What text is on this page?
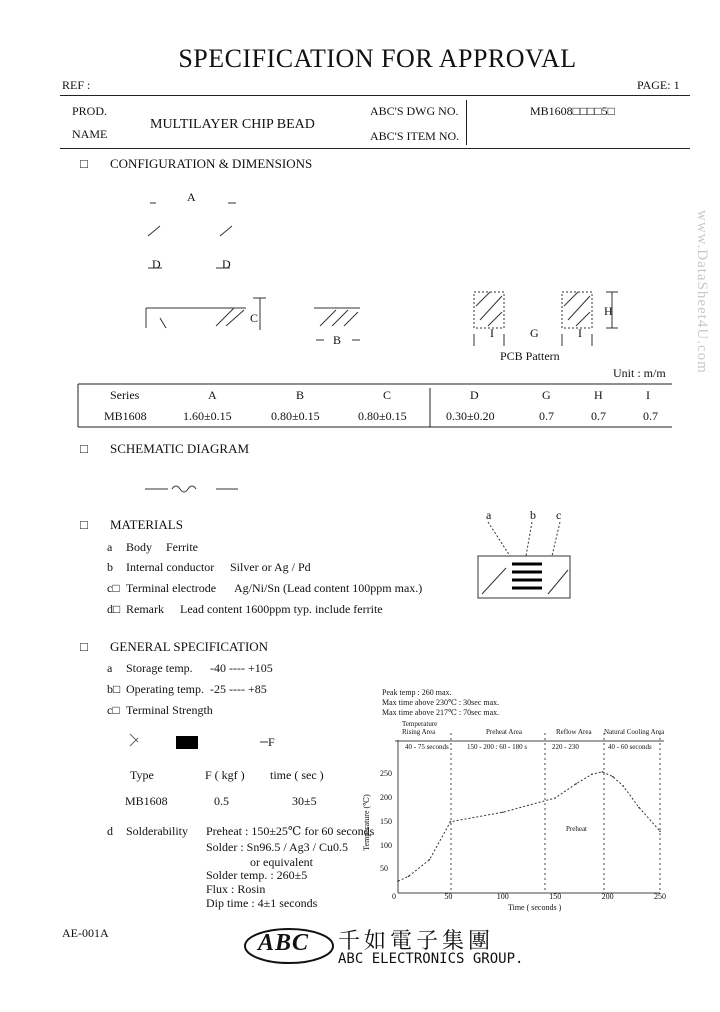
www.DataSheet4U.com
SPECIFICATION FOR APPROVAL
REF :	PAGE: 1
PROD.
NAME
MULTILAYER CHIP BEAD
ABC'S DWG NO.
ABC'S ITEM NO.
MB1608□□□□5□
□ CONFIGURATION & DIMENSIONS
A
D	D
C
B	I	G	I
H
PCB Pattern
Unit : m/m
Series	A	B	C	D	G	H	I
MB1608	1.60±0.15	0.80±0.15	0.80±0.15	0.30±0.20	0.7	0.7	0.7
□ SCHEMATIC DIAGRAM
□ MATERIALS
a	b c
a Body Ferrite
b Internal conductor Silver or Ag / Pd
c□ Terminal electrode Ag/Ni/Sn (Lead content 100ppm max.)
d□ Remark Lead content 1600ppm typ. include ferrite
□ GENERAL SPECIFICATION
a Storage temp. -40 ---- +105
b□ Operating temp. -25 ---- +85
c□ Terminal Strength
F
Type	F ( kgf ) time ( sec )
MB1608	0.5	30±5
d Solderability Preheat : 150±25℃ for 60 seconds
Solder : Sn96.5 / Ag3 / Cu0.5
or equivalent
Solder temp. : 260±5
Flux : Rosin
Dip time : 4±1 seconds
Peak temp : 260 max.
Max time above 230℃ : 30sec max.
Max time above 217℃ : 70sec max.
Temperature Rising Area	Preheat Area	Reflow Area Natural Cooling Area
40 - 75 seconds	150 - 200 : 60 - 180 s	220 - 230	40 - 60 seconds
Preheat
Temperature (℃)
Time ( seconds )
0	50	100	150	200	250
50
100
150
200
250
AE-001A	ABC 千如電子集團
ABC ELECTRONICS GROUP.
